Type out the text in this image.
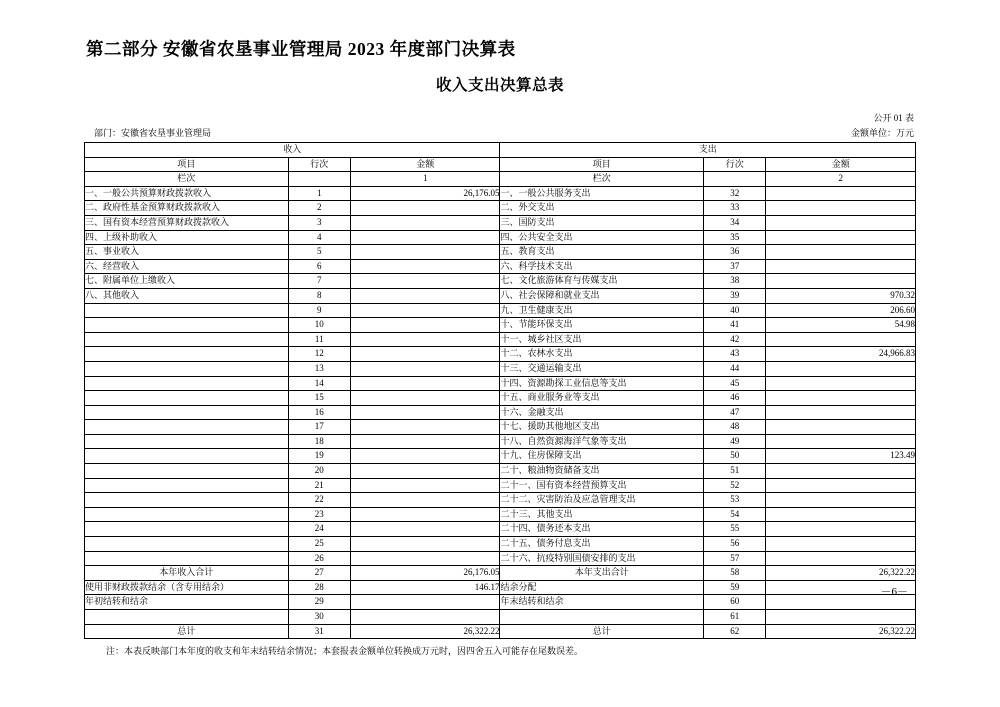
第二部分 安徽省农垦事业管理局 2023 年度部门决算表
收入支出决算总表
公开 01 表
部门：安徽省农垦事业管理局	金额单位：万元
收入			支出		
项目	行次	金额	项目	行次	金额
栏次		1	栏次		2
一、一般公共预算财政拨款收入	1	26,176.05	一、一般公共服务支出	32	
二、政府性基金预算财政拨款收入	2		二、外交支出	33	
三、国有资本经营预算财政拨款收入	3		三、国防支出	34	
四、上级补助收入	4		四、公共安全支出	35	
五、事业收入	5		五、教育支出	36	
六、经营收入	6		六、科学技术支出	37	
七、附属单位上缴收入	7		七、文化旅游体育与传媒支出	38	
八、其他收入	8		八、社会保障和就业支出	39	970.32
	9		九、卫生健康支出	40	206.60
	10		十、节能环保支出	41	54.98
	11		十一、城乡社区支出	42	
	12		十二、农林水支出	43	24,966.83
	13		十三、交通运输支出	44	
	14		十四、资源勘探工业信息等支出	45	
	15		十五、商业服务业等支出	46	
	16		十六、金融支出	47	
	17		十七、援助其他地区支出	48	
	18		十八、自然资源海洋气象等支出	49	
	19		十九、住房保障支出	50	123.49
	20		二十、粮油物资储备支出	51	
	21		二十一、国有资本经营预算支出	52	
	22		二十二、灾害防治及应急管理支出	53	
	23		二十三、其他支出	54	
	24		二十四、债务还本支出	55	
	25		二十五、债务付息支出	56	
	26		二十六、抗疫特别国债安排的支出	57	
本年收入合计	27	26,176.05	本年支出合计	58	26,322.22
使用非财政拨款结余（含专用结余）	28	146.17	结余分配	59	
年初结转和结余	29		年末结转和结余	60	
	30			61	
总计	31	26,322.22	总计	62	26,322.22
注：本表反映部门本年度的收支和年末结转结余情况；本套报表金额单位转换成万元时，因四舍五入可能存在尾数误差。
－6－
